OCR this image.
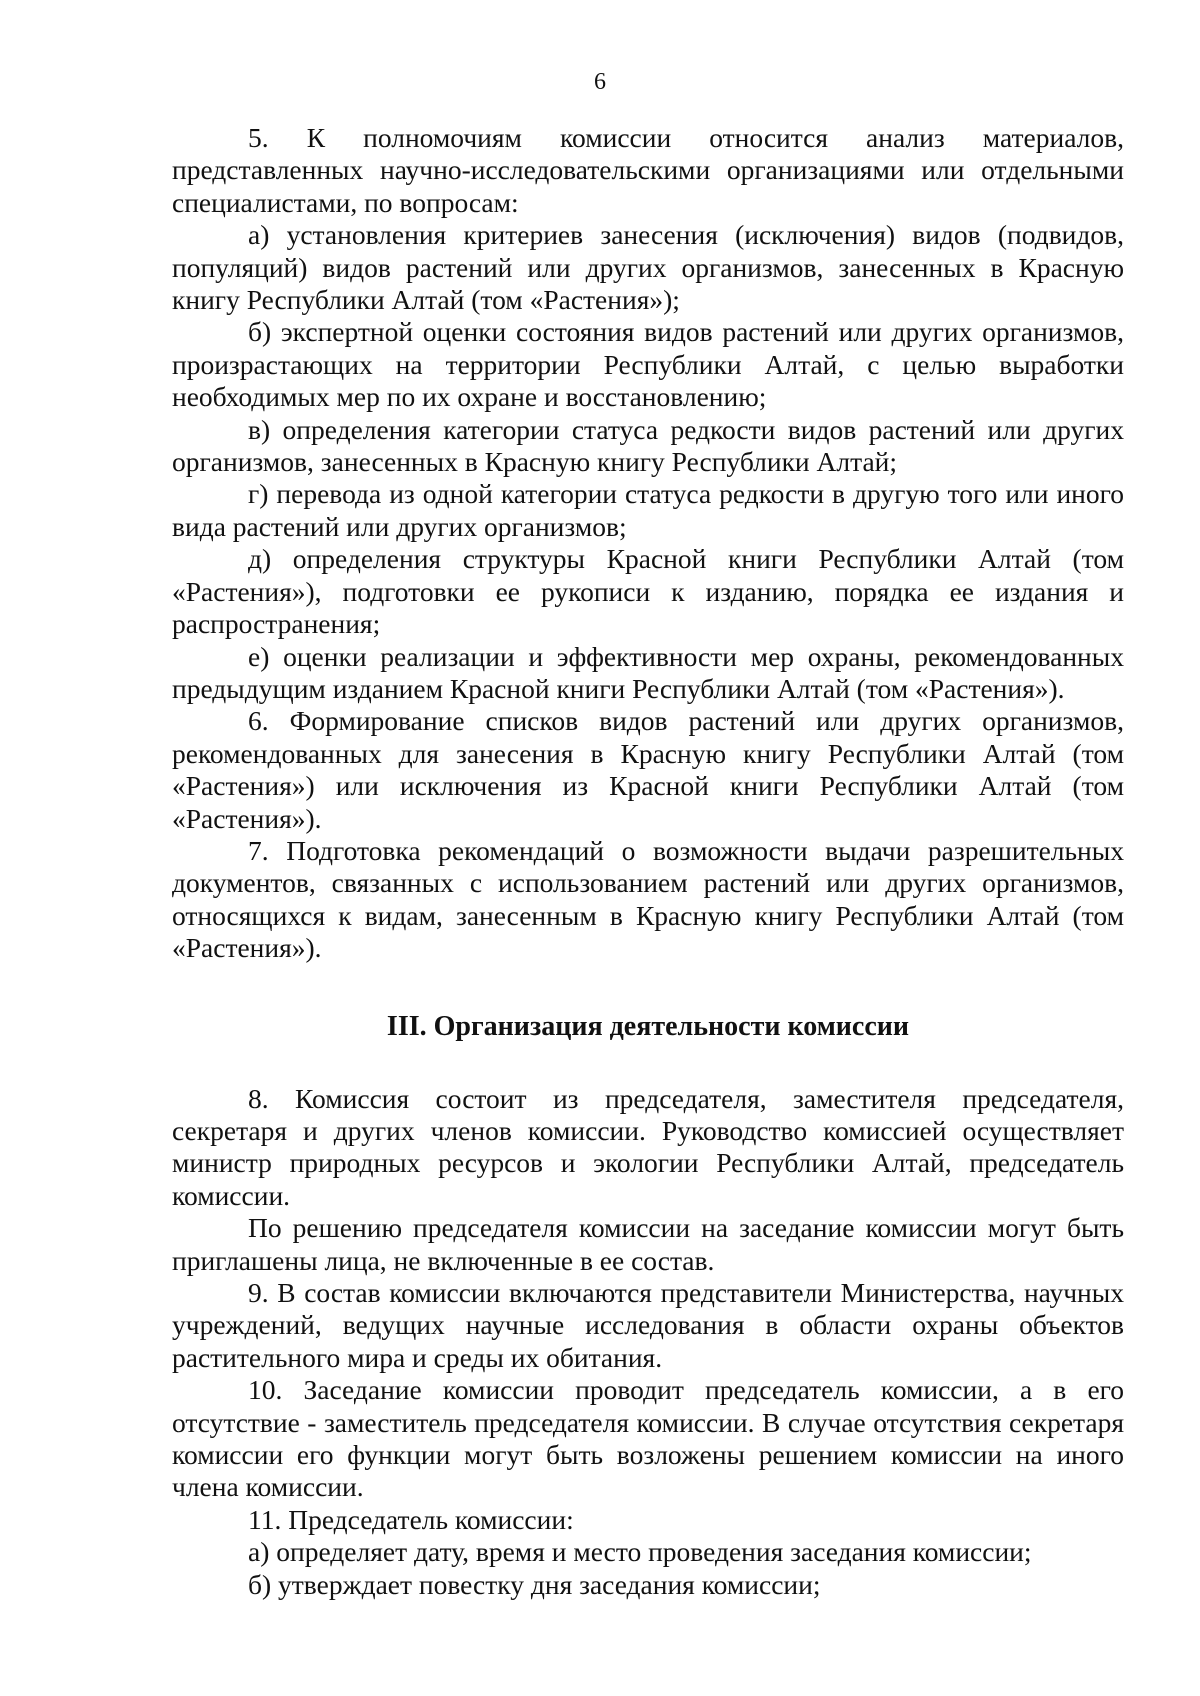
6

5. К полномочиям комиссии относится анализ материалов, представленных научно-исследовательскими организациями или отдельными специалистами, по вопросам:

а) установления критериев занесения (исключения) видов (подвидов, популяций) видов растений или других организмов, занесенных в Красную книгу Республики Алтай (том «Растения»);

б) экспертной оценки состояния видов растений или других организмов, произрастающих на территории Республики Алтай, с целью выработки необходимых мер по их охране и восстановлению;

в) определения категории статуса редкости видов растений или других организмов, занесенных в Красную книгу Республики Алтай;

г) перевода из одной категории статуса редкости в другую того или иного вида растений или других организмов;

д) определения структуры Красной книги Республики Алтай (том «Растения»), подготовки ее рукописи к изданию, порядка ее издания и распространения;

е) оценки реализации и эффективности мер охраны, рекомендованных предыдущим изданием Красной книги Республики Алтай (том «Растения»).

6. Формирование списков видов растений или других организмов, рекомендованных для занесения в Красную книгу Республики Алтай (том «Растения») или исключения из Красной книги Республики Алтай (том «Растения»).

7. Подготовка рекомендаций о возможности выдачи разрешительных документов, связанных с использованием растений или других организмов, относящихся к видам, занесенным в Красную книгу Республики Алтай (том «Растения»).

III. Организация деятельности комиссии

8. Комиссия состоит из председателя, заместителя председателя, секретаря и других членов комиссии. Руководство комиссией осуществляет министр природных ресурсов и экологии Республики Алтай, председатель комиссии.

По решению председателя комиссии на заседание комиссии могут быть приглашены лица, не включенные в ее состав.

9. В состав комиссии включаются представители Министерства, научных учреждений, ведущих научные исследования в области охраны объектов растительного мира и среды их обитания.

10. Заседание комиссии проводит председатель комиссии, а в его отсутствие - заместитель председателя комиссии. В случае отсутствия секретаря комиссии его функции могут быть возложены решением комиссии на иного члена комиссии.

11. Председатель комиссии:

а) определяет дату, время и место проведения заседания комиссии;

б) утверждает повестку дня заседания комиссии;
